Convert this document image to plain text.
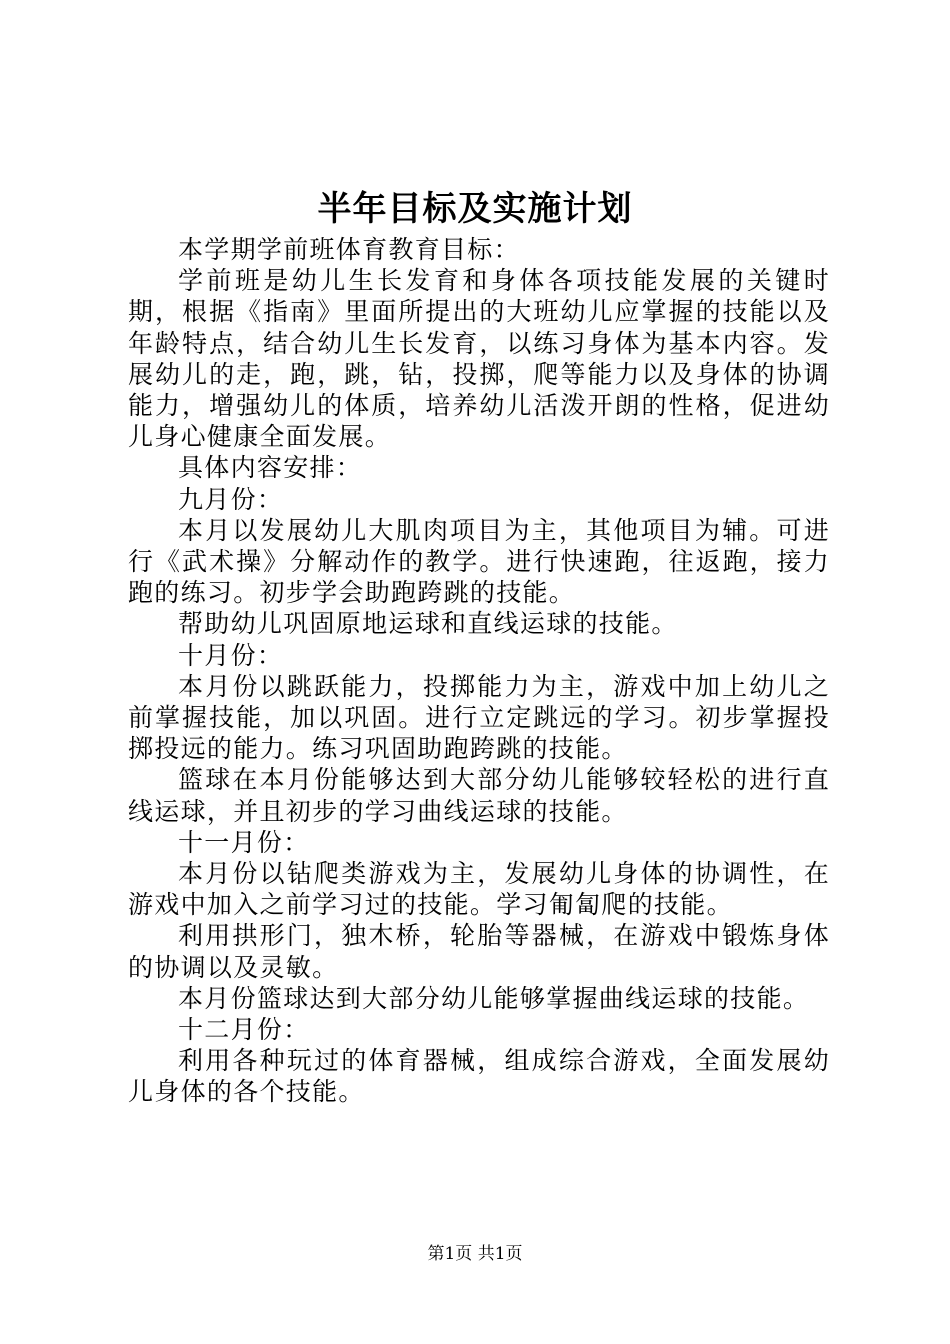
半年目标及实施计划

本学期学前班体育教育目标：

学前班是幼儿生长发育和身体各项技能发展的关键时期，根据《指南》里面所提出的大班幼儿应掌握的技能以及年龄特点，结合幼儿生长发育，以练习身体为基本内容。发展幼儿的走，跑，跳，钻，投掷，爬等能力以及身体的协调能力，增强幼儿的体质，培养幼儿活泼开朗的性格，促进幼儿身心健康全面发展。

具体内容安排：

九月份：

本月以发展幼儿大肌肉项目为主，其他项目为辅。可进行《武术操》分解动作的教学。进行快速跑，往返跑，接力跑的练习。初步学会助跑跨跳的技能。

帮助幼儿巩固原地运球和直线运球的技能。

十月份：

本月份以跳跃能力，投掷能力为主，游戏中加上幼儿之前掌握技能，加以巩固。进行立定跳远的学习。初步掌握投掷投远的能力。练习巩固助跑跨跳的技能。

篮球在本月份能够达到大部分幼儿能够较轻松的进行直线运球，并且初步的学习曲线运球的技能。

十一月份：

本月份以钻爬类游戏为主，发展幼儿身体的协调性，在游戏中加入之前学习过的技能。学习匍匐爬的技能。

利用拱形门，独木桥，轮胎等器械，在游戏中锻炼身体的协调以及灵敏。

本月份篮球达到大部分幼儿能够掌握曲线运球的技能。

十二月份：

利用各种玩过的体育器械，组成综合游戏，全面发展幼儿身体的各个技能。

第1页 共1页
